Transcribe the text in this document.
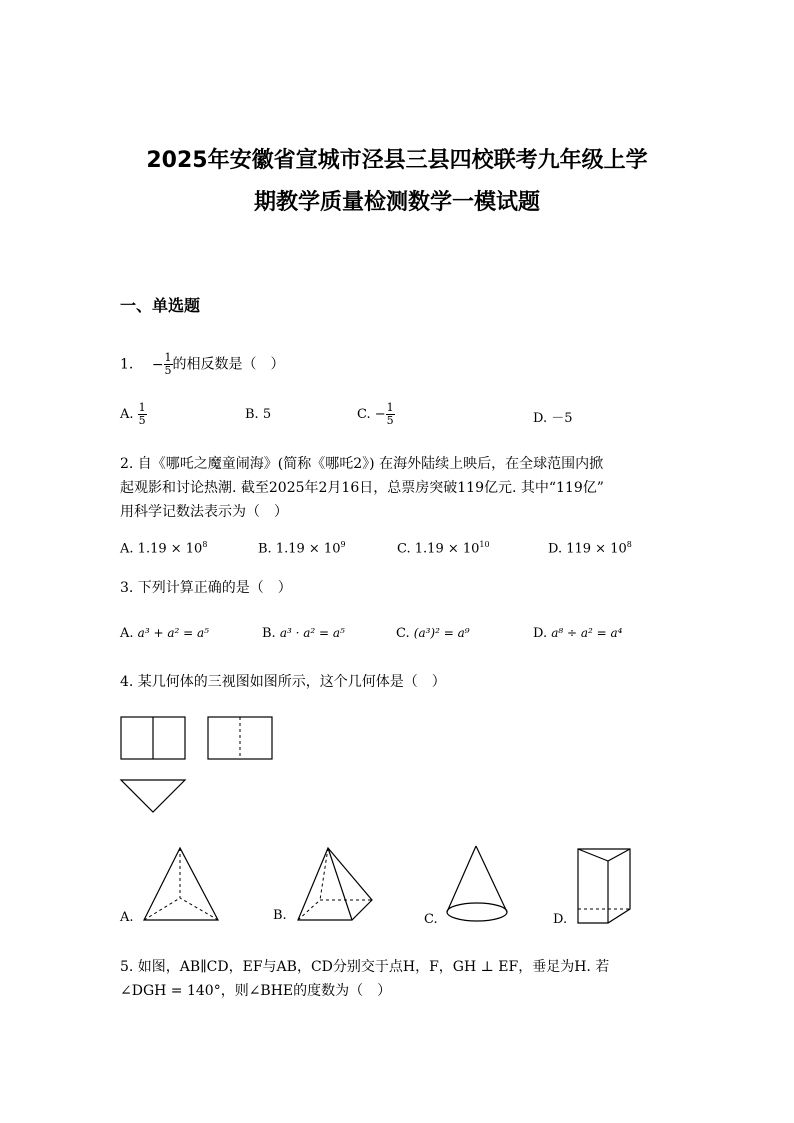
2025年安徽省宣城市泾县三县四校联考九年级上学
期教学质量检测数学一模试题
一、单选题
1. − $\frac{1}{5}$ 的相反数是（　）
A. $\frac{1}{5}$	B. 5	C. − $\frac{1}{5}$	D. －5
2. 自《哪吒之魔童闹海》(简称《哪吒2》) 在海外陆续上映后，在全球范围内掀
起观影和讨论热潮. 截至2025年2月16日，总票房突破119亿元. 其中“119亿”
用科学记数法表示为（　）
A. $1.19 \times 10^8$	B. $1.19 \times 10^9$	C. $1.19 \times 10^{10}$	D. $119 \times 10^8$
3. 下列计算正确的是（　）
A. a³ + a² = a⁵	B. a³ · a² = a⁵	C. (a³)² = a⁹	D. a⁸ ÷ a² = a⁴
4. 某几何体的三视图如图所示，这个几何体是（　）
A.	B.	C.	D.
5. 如图，AB∥CD，EF与AB，CD分别交于点H，F，GH ⊥ EF，垂足为H. 若
∠DGH = 140°，则∠BHE的度数为（　）
